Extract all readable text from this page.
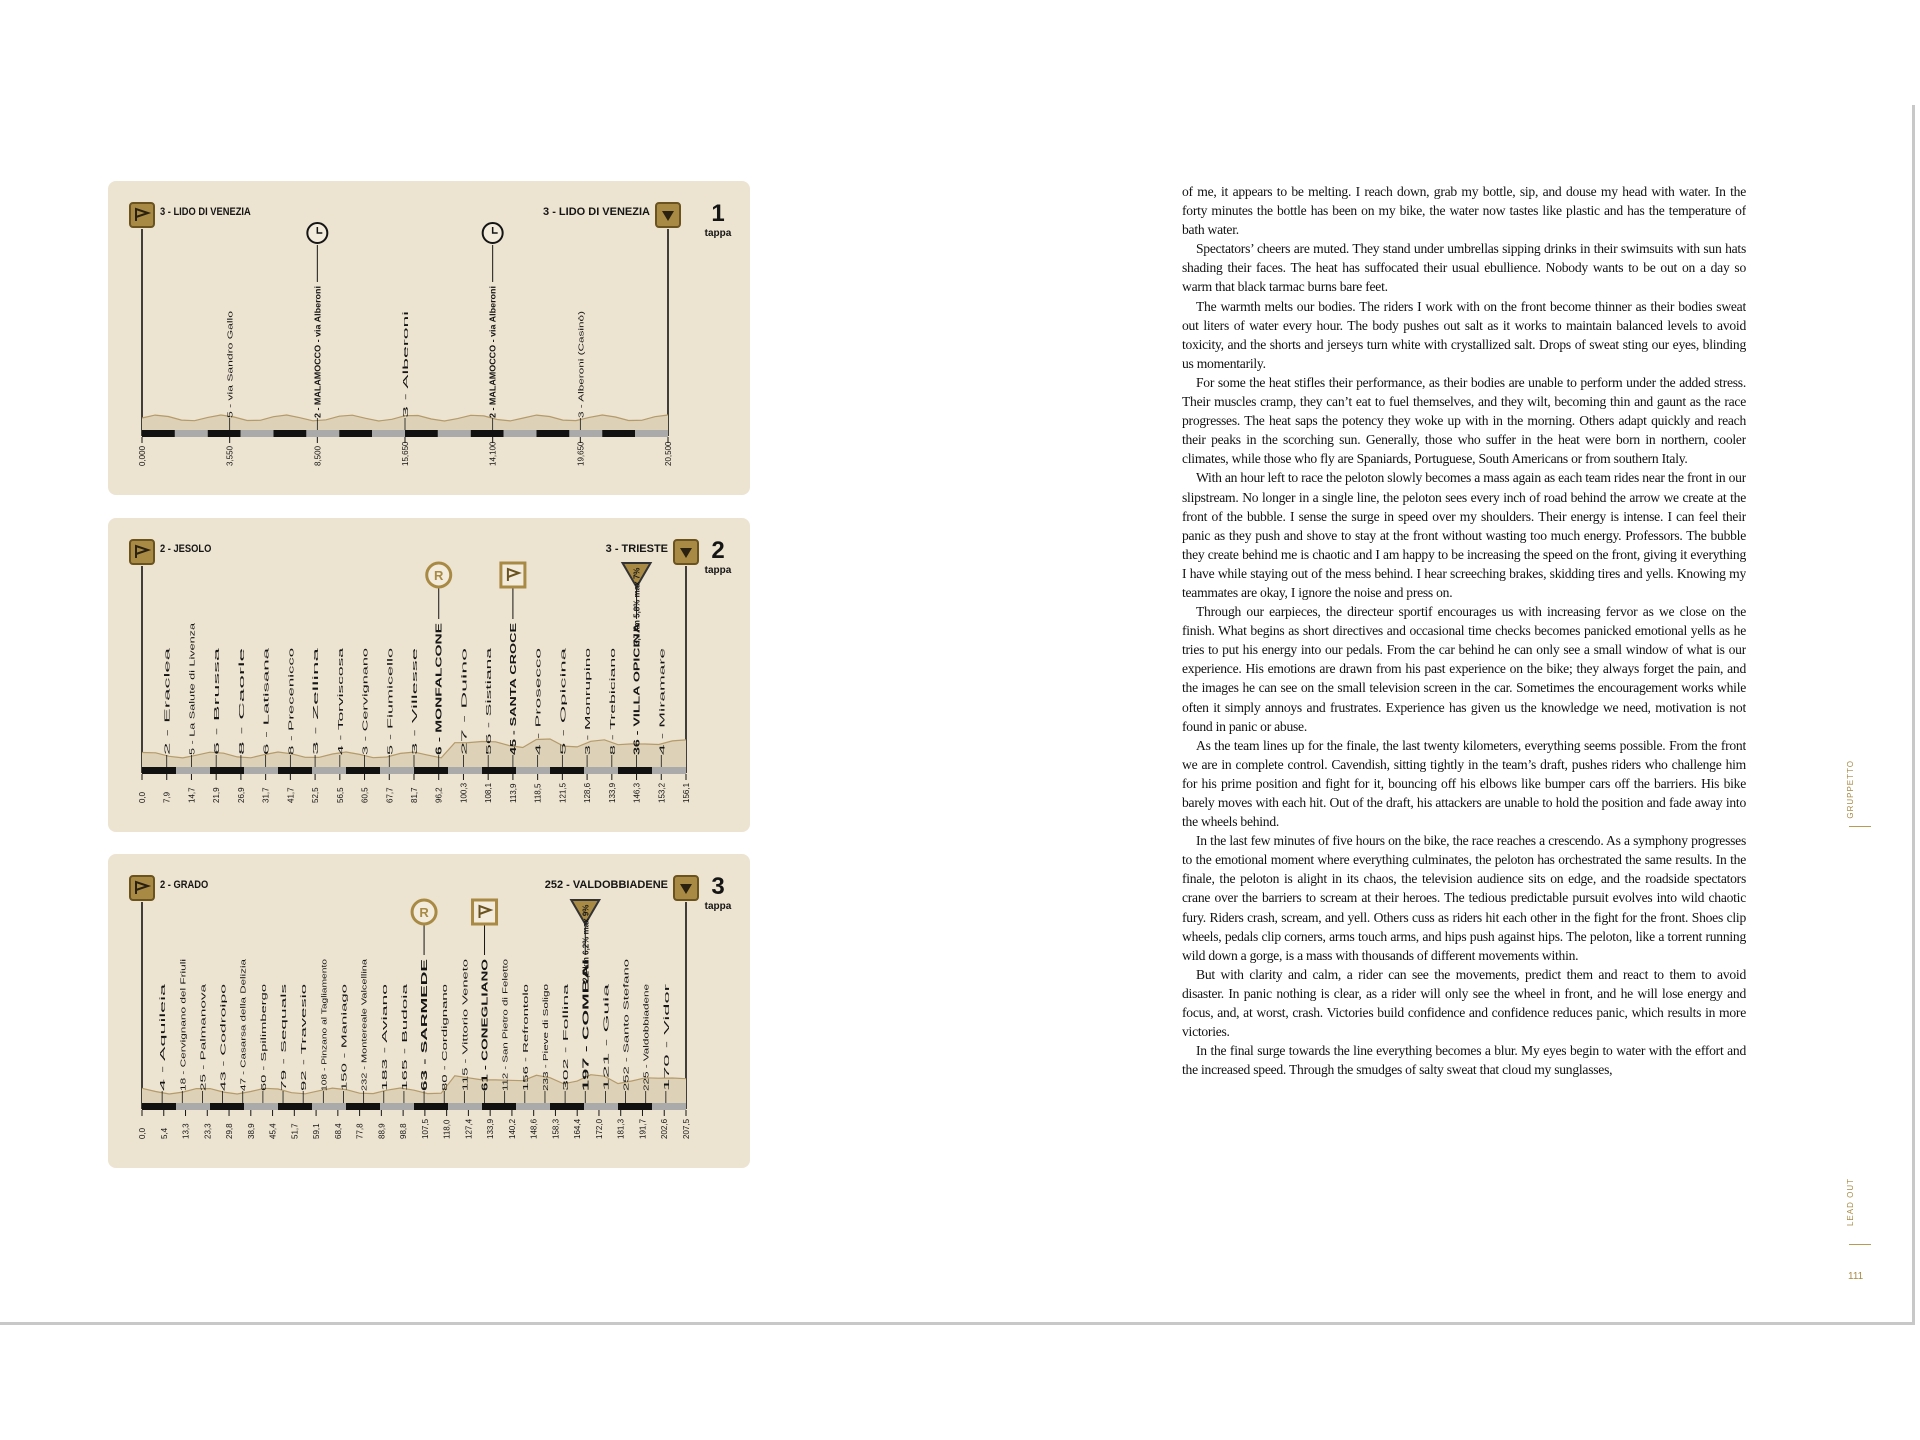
3 - LIDO DI VENEZIA	3 - LIDO DI VENEZIA	1
tappa
0,000	3,550	8,500	15,650	14,100	19,650	20,500
5 - via Sandro Gallo	2 - MALAMOCCO - via Alberoni	3 - Alberoni	2 - MALAMOCCO - via Alberoni	3 - Alberoni (Casinò)
2 - JESOLO	3 - TRIESTE 2
tappa
0,0 7,9 14,7 21,9 26,9 31,7 41,7 52,5 56,5 60,5 67,7 81,7 96,2 100,3 108,1 113,9 118,5 121,5 128,6 133,9 146,3 153,2 156,1
2 - Eraclea 5 - La Salute di Livenza 6 - Brussa 8 - Caorle 6 - Latisana 8 - Precenicco 3 - Zellina 4 - Torviscosa 3 - Cervignano 5 - Fiumicello 3 - Villesse 6 - MONFALCONE
R
27 - Duino 56 - Sistiana 45 - SANTA CROCE 4 - Prosecco 5 - Opicina 3 - Monrupino 8 - Trebiciano 36 - VILLA OPICINA
3,7 km 5,8% max 7%
4 - Miramare
2 - GRADO	252 - VALDOBBIADENE 3
tappa
0,0 5,4 13,3 23,3 29,8 38,9 45,4 51,7 59,1 68,4 77,8 88,9 98,8 107,5 118,0 127,4 133,9 140,2 148,6 158,3 164,4 172,0 181,3 191,7 202,6 207,5
4 - Aquileia 18 - Cervignano del Friuli 25 - Palmanova 43 - Codroipo 47 - Casarsa della Delizia 60 - Spilimbergo 79 - Sequals 92 - Travesio 108 - Pinzano al Tagliamento 150 - Maniago 232 - Montereale Valcellina 183 - Aviano 165 - Budoia 63 - SARMEDE
R
80 - Cordignano 115 - Vittorio Veneto 61 - CONEGLIANO 112 - San Pietro di Feletto 156 - Refrontolo 233 - Pieve di Soligo 302 - Follina 197 - COMBAI
2,2 km 6,2% max 9%
121 - Guia 252 - Santo Stefano 225 - Valdobbiadene 170 - Vidor

of me, it appears to be melting. I reach down, grab my bottle, sip, and douse my head with water. In the forty minutes the bottle has been on my bike, the water now tastes like plastic and has the temperature of bath water.

Spectators’ cheers are muted. They stand under umbrellas sipping drinks in their swimsuits with sun hats shading their faces. The heat has suffocated their usual ebullience. Nobody wants to be out on a day so warm that black tarmac burns bare feet.

The warmth melts our bodies. The riders I work with on the front become thinner as their bodies sweat out liters of water every hour. The body pushes out salt as it works to maintain balanced levels to avoid toxicity, and the shorts and jerseys turn white with crystallized salt. Drops of sweat sting our eyes, blinding us momentarily.

For some the heat stifles their performance, as their bodies are unable to perform under the added stress. Their muscles cramp, they can’t eat to fuel themselves, and they wilt, becoming thin and gaunt as the race progresses. The heat saps the potency they woke up with in the morning. Others adapt quickly and reach their peaks in the scorching sun. Generally, those who suffer in the heat were born in northern, cooler climates, while those who fly are Spaniards, Portuguese, South Americans or from southern Italy.

With an hour left to race the peloton slowly becomes a mass again as each team rides near the front in our slipstream. No longer in a single line, the peloton sees every inch of road behind the arrow we create at the front of the bubble. I sense the surge in speed over my shoulders. Their energy is intense. I can feel their panic as they push and shove to stay at the front without wasting too much energy. Professors. The bubble they create behind me is chaotic and I am happy to be increasing the speed on the front, giving it everything I have while staying out of the mess behind. I hear screeching brakes, skidding tires and yells. Knowing my teammates are okay, I ignore the noise and press on.

Through our earpieces, the directeur sportif encourages us with increasing fervor as we close on the finish. What begins as short directives and occasional time checks becomes panicked emotional yells as he tries to put his energy into our pedals. From the car behind he can only see a small window of what is our experience. His emotions are drawn from his past experience on the bike; they always forget the pain, and the images he can see on the small television screen in the car. Sometimes the encouragement works while often it simply annoys and frustrates. Experience has given us the knowledge we need, motivation is not found in panic or abuse.

As the team lines up for the finale, the last twenty kilometers, everything seems possible. From the front we are in complete control. Cavendish, sitting tightly in the team’s draft, pushes riders who challenge him for his prime position and fight for it, bouncing off his elbows like bumper cars off the barriers. His bike barely moves with each hit. Out of the draft, his attackers are unable to hold the position and fade away into the wheels behind.

In the last few minutes of five hours on the bike, the race reaches a crescendo. As a symphony progresses to the emotional moment where everything culminates, the peloton has orchestrated the same results. In the finale, the peloton is alight in its chaos, the television audience sits on edge, and the roadside spectators crane over the barriers to scream at their heroes. The tedious predictable pursuit evolves into wild chaotic fury. Riders crash, scream, and yell. Others cuss as riders hit each other in the fight for the front. Shoes clip wheels, pedals clip corners, arms touch arms, and hips push against hips. The peloton, like a torrent running wild down a gorge, is a mass with thousands of different movements within.

But with clarity and calm, a rider can see the movements, predict them and react to them to avoid disaster. In panic nothing is clear, as a rider will only see the wheel in front, and he will lose energy and focus, and, at worst, crash. Victories build confidence and confidence reduces panic, which results in more victories.

In the final surge towards the line everything becomes a blur. My eyes begin to water with the effort and the increased speed. Through the smudges of salty sweat that cloud my sunglasses,

GRUPPETTO
LEAD OUT
111
